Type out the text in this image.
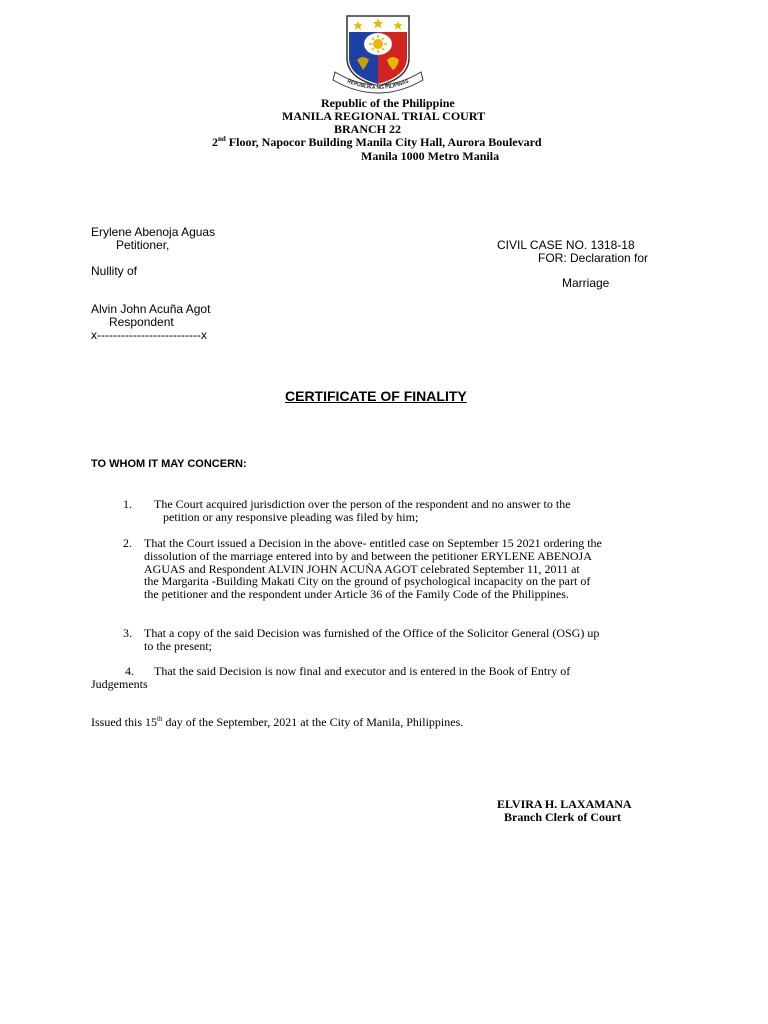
REPUBLIKA NG PILIPINAS
Republic of the Philippine
MANILA REGIONAL TRIAL COURT
BRANCH 22
2nd Floor, Napocor Building Manila City Hall, Aurora Boulevard
Manila 1000 Metro Manila
Erylene Abenoja Aguas
Petitioner,	CIVIL CASE NO. 1318-18
FOR: Declaration for
Nullity of
Marriage
Alvin John Acuña Agot
Respondent
x--------------------------x
CERTIFICATE OF FINALITY
TO WHOM IT MAY CONCERN:
1. The Court acquired jurisdiction over the person of the respondent and no answer to the
petition or any responsive pleading was filed by him;
2. That the Court issued a Decision in the above- entitled case on September 15 2021 ordering the
dissolution of the marriage entered into by and between the petitioner ERYLENE ABENOJA
AGUAS and Respondent ALVIN JOHN ACUÑA AGOT celebrated September 11, 2011 at
the Margarita -Building Makati City on the ground of psychological incapacity on the part of
the petitioner and the respondent under Article 36 of the Family Code of the Philippines.
3. That a copy of the said Decision was furnished of the Office of the Solicitor General (OSG) up
to the present;
4. That the said Decision is now final and executor and is entered in the Book of Entry of
Judgements
Issued this 15th day of the September, 2021 at the City of Manila, Philippines.
ELVIRA H. LAXAMANA
Branch Clerk of Court
